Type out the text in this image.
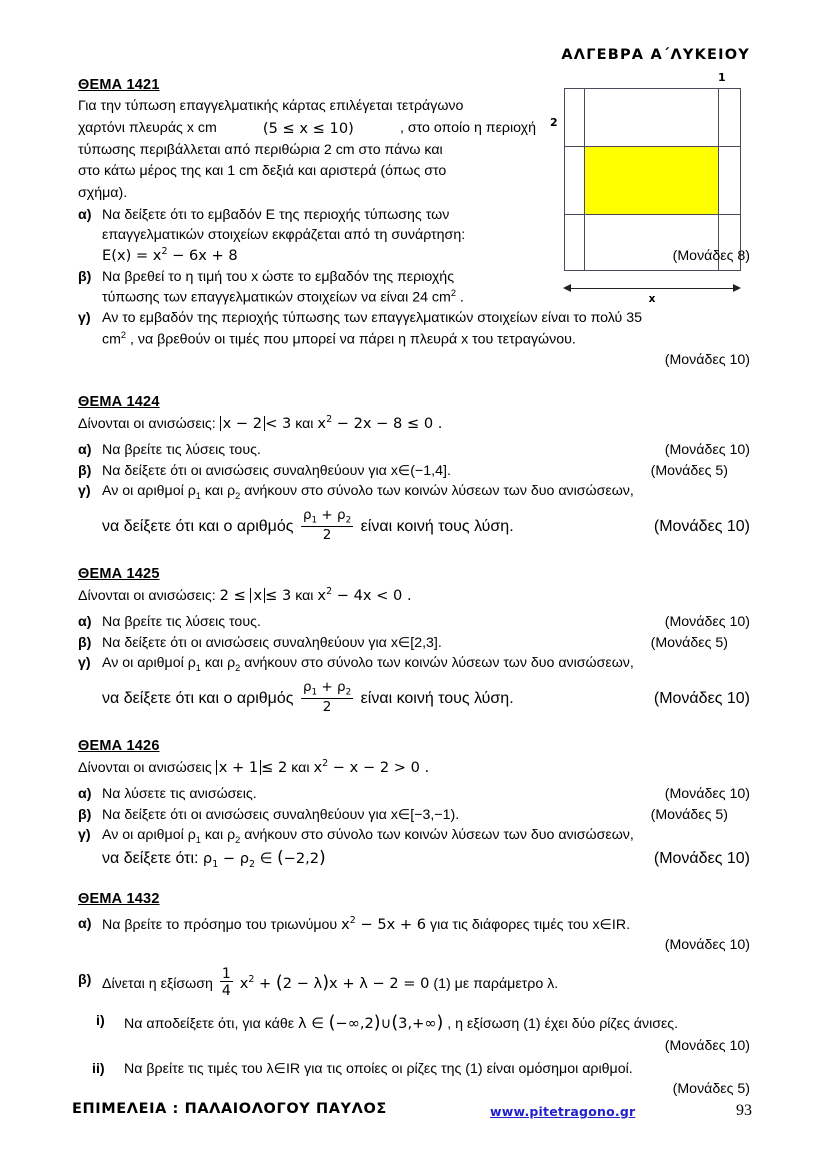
ΑΛΓΕΒΡΑ Α΄ΛΥΚΕΙΟΥ
1
2
x
ΘΕΜΑ 1421
Για την τύπωση επαγγελματικής κάρτας επιλέγεται τετράγωνο
χαρτόνι πλευράς x cm	(5 ≤ x ≤ 10)	, στο οποίο η περιοχή
τύπωσης περιβάλλεται από περιθώρια 2 cm στο πάνω και
στο κάτω μέρος της και 1 cm δεξιά και αριστερά (όπως στο
σχήμα).
α) Να δείξετε ότι το εμβαδόν Ε της περιοχής τύπωσης των
επαγγελματικών στοιχείων εκφράζεται από τη συνάρτηση:
$E(x) = x^2 - 6x + 8$	(Μονάδες 8)
β) Να βρεθεί το η τιμή του x ώστε το εμβαδόν της περιοχής
τύπωσης των επαγγελματικών στοιχείων να είναι 24 $cm^2$ .
γ) Αν το εμβαδόν της περιοχής τύπωσης των επαγγελματικών στοιχείων είναι το πολύ 35
$cm^2$ , να βρεθούν οι τιμές που μπορεί να πάρει η πλευρά x του τετραγώνου.
(Μονάδες 10)
ΘΕΜΑ 1424
Δίνονται οι ανισώσεις: x − 2 < 3 και $x^2 - 2x - 8 \le 0$ .
α) Να βρείτε τις λύσεις τους.	(Μονάδες 10)
β) Να δείξετε ότι οι ανισώσεις συναληθεύουν για x∈(−1,4].	(Μονάδες 5)
γ) Αν οι αριθμοί $\rho_1$ και $\rho_2$ ανήκουν στο σύνολο των κοινών λύσεων των δυο ανισώσεων,
να δείξετε ότι και ο αριθμός $\frac{\rho_1 + \rho_2}{2}$ είναι κοινή τους λύση.	(Μονάδες 10)
ΘΕΜΑ 1425
Δίνονται οι ανισώσεις: 2 ≤ x ≤ 3 και $x^2 - 4x < 0$ .
α) Να βρείτε τις λύσεις τους.	(Μονάδες 10)
β) Να δείξετε ότι οι ανισώσεις συναληθεύουν για x∈[2,3].	(Μονάδες 5)
γ) Αν οι αριθμοί $\rho_1$ και $\rho_2$ ανήκουν στο σύνολο των κοινών λύσεων των δυο ανισώσεων,
να δείξετε ότι και ο αριθμός $\frac{\rho_1 + \rho_2}{2}$ είναι κοινή τους λύση.	(Μονάδες 10)
ΘΕΜΑ 1426
Δίνονται οι ανισώσεις x + 1 ≤ 2 και $x^2 - x - 2 > 0$ .
α) Να λύσετε τις ανισώσεις.	(Μονάδες 10)
β) Να δείξετε ότι οι ανισώσεις συναληθεύουν για x∈[−3,−1).	(Μονάδες 5)
γ) Αν οι αριθμοί $\rho_1$ και $\rho_2$ ανήκουν στο σύνολο των κοινών λύσεων των δυο ανισώσεων,
να δείξετε ότι: $\rho_1 - \rho_2$ ∈ (−2,2)	(Μονάδες 10)
ΘΕΜΑ 1432
α) Να βρείτε το πρόσημο του τριωνύμου $x^2 - 5x + 6$ για τις διάφορες τιμές του x∈IR.
(Μονάδες 10)
β) Δίνεται η εξίσωση $\frac{1}{4} x^2 + (2 - \lambda)x + \lambda - 2 = 0$ (1) με παράμετρο λ.
i)	Να αποδείξετε ότι, για κάθε λ ∈ (−∞,2)∪(3,+∞) , η εξίσωση (1) έχει δύο ρίζες άνισες.
(Μονάδες 10)
ii)	Να βρείτε τις τιμές του λ∈IR για τις οποίες οι ρίζες της (1) είναι ομόσημοι αριθμοί.
(Μονάδες 5)
ΕΠΙΜΕΛΕΙΑ : ΠΑΛΑΙΟΛΟΓΟΥ ΠΑΥΛΟΣ	www.pitetragono.gr	93
